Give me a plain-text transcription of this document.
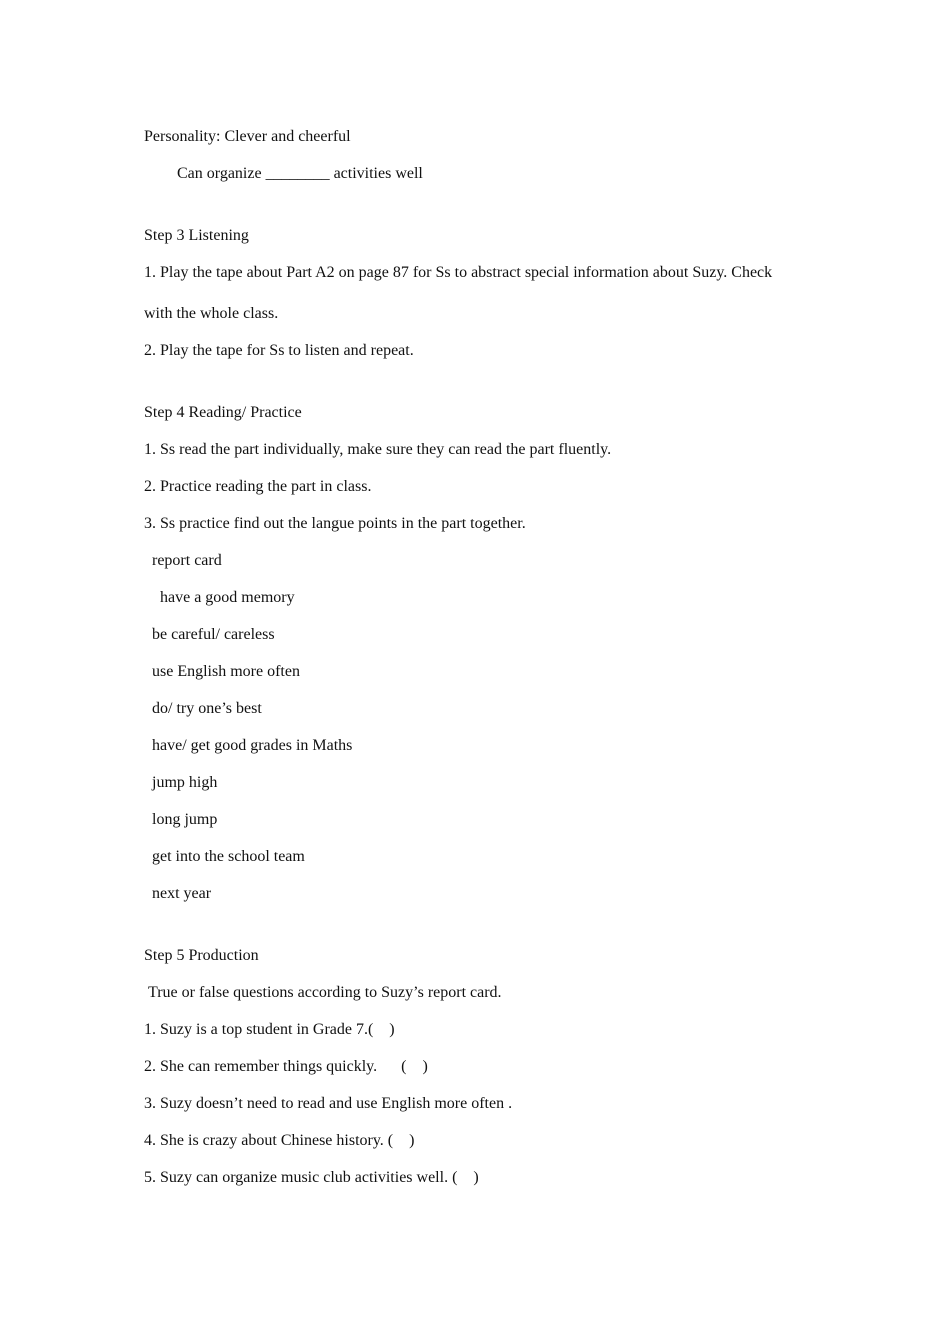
Personality: Clever and cheerful
Can organize ________ activities well
Step 3 Listening
1. Play the tape about Part A2 on page 87 for Ss to abstract special information about Suzy. Check
with the whole class.
2. Play the tape for Ss to listen and repeat.
Step 4 Reading/ Practice
1. Ss read the part individually, make sure they can read the part fluently.
2. Practice reading the part in class.
3. Ss practice find out the langue points in the part together.
report card
have a good memory
be careful/ careless
use English more often
do/ try one’s best
have/ get good grades in Maths
jump high
long jump
get into the school team
next year
Step 5 Production
True or false questions according to Suzy’s report card.
1. Suzy is a top student in Grade 7.(    )
2. She can remember things quickly.      (    )
3. Suzy doesn’t need to read and use English more often .
4. She is crazy about Chinese history. (    )
5. Suzy can organize music club activities well. (    )
